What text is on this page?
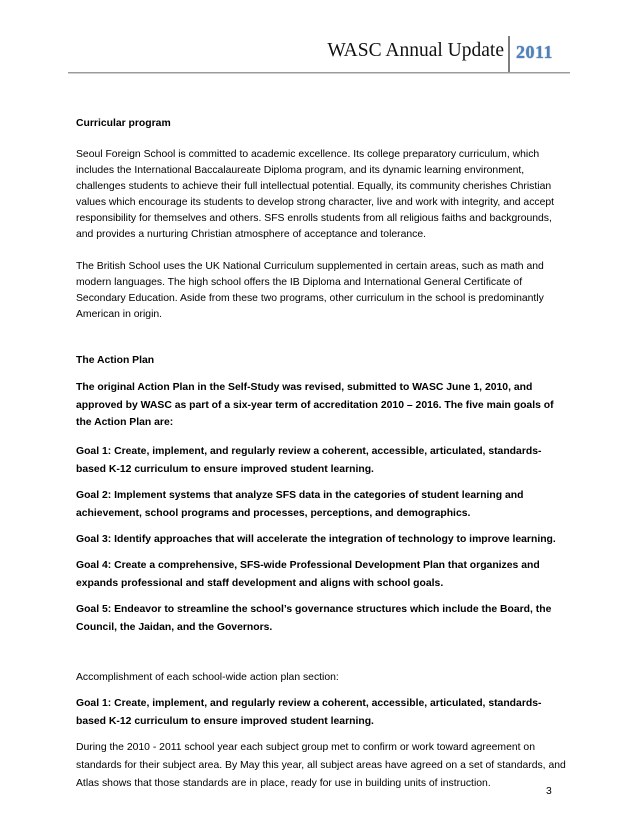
WASC Annual Update 2011

Curricular program

Seoul Foreign School is committed to academic excellence. Its college preparatory curriculum, which includes the International Baccalaureate Diploma program, and its dynamic learning environment, challenges students to achieve their full intellectual potential. Equally, its community cherishes Christian values which encourage its students to develop strong character, live and work with integrity, and accept responsibility for themselves and others. SFS enrolls students from all religious faiths and backgrounds, and provides a nurturing Christian atmosphere of acceptance and tolerance.

The British School uses the UK National Curriculum supplemented in certain areas, such as math and modern languages. The high school offers the IB Diploma and International General Certificate of Secondary Education. Aside from these two programs, other curriculum in the school is predominantly American in origin.

The Action Plan

The original Action Plan in the Self-Study was revised, submitted to WASC June 1, 2010, and approved by WASC as part of a six-year term of accreditation 2010 – 2016. The five main goals of the Action Plan are:

Goal 1: Create, implement, and regularly review a coherent, accessible, articulated, standards-based K-12 curriculum to ensure improved student learning.

Goal 2: Implement systems that analyze SFS data in the categories of student learning and achievement, school programs and processes, perceptions, and demographics.

Goal 3: Identify approaches that will accelerate the integration of technology to improve learning.

Goal 4: Create a comprehensive, SFS-wide Professional Development Plan that organizes and expands professional and staff development and aligns with school goals.

Goal 5: Endeavor to streamline the school’s governance structures which include the Board, the Council, the Jaidan, and the Governors.

Accomplishment of each school-wide action plan section:

Goal 1: Create, implement, and regularly review a coherent, accessible, articulated, standards-based K-12 curriculum to ensure improved student learning.

During the 2010 - 2011 school year each subject group met to confirm or work toward agreement on standards for their subject area. By May this year, all subject areas have agreed on a set of standards, and Atlas shows that those standards are in place, ready for use in building units of instruction.

3
